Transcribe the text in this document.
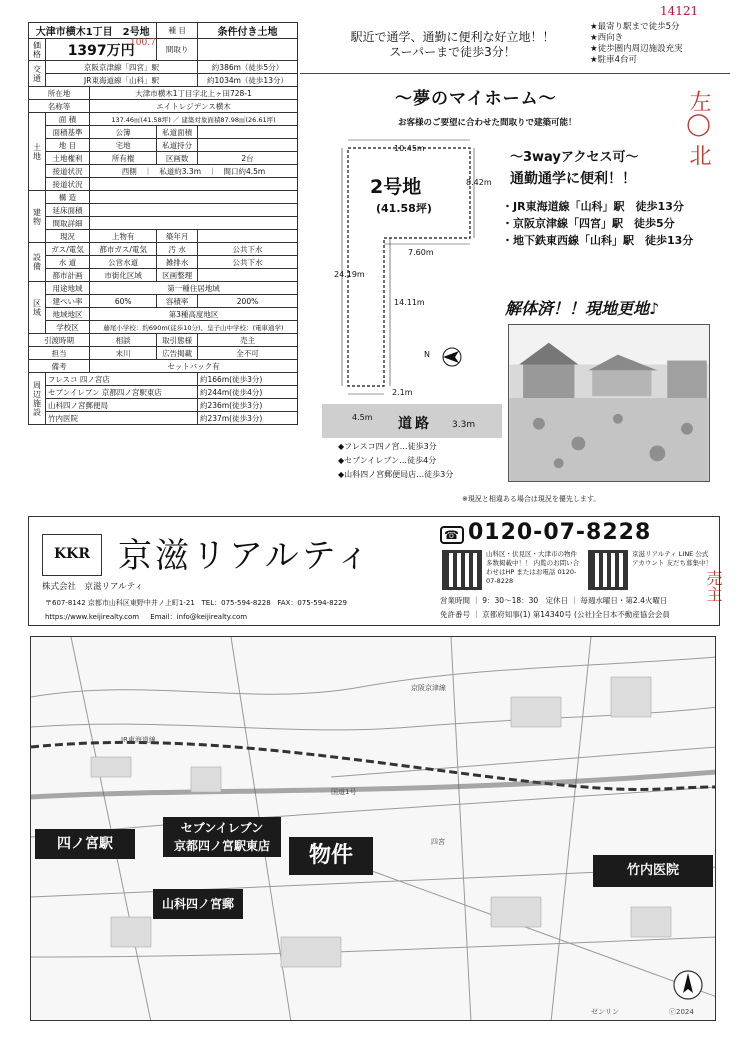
大津市横木1丁目　2号地			種 目	条件付き土地
価格	1397万円		間取り	
交通	京阪京津線「四宮」駅			約386m（徒歩5分）
	JR東海道線「山科」駅			約1034m（徒歩13分）
所在地		大津市横木1丁目字北上ヶ田728-1		
名称等		エイトレジデンス横木		
土地	面 積	137.46㎡(41.58坪) ／ 建築対象面積87.98㎡(26.61坪)		
	面積基準	公簿	私道面積	
	地 目	宅地	私道持分	
	土地権利	所有権	区画数	2台
	接道状況	西側　｜　私道約3.3m　｜　間口約4.5m		
	接道状況			
建物	構 造			
	延床面積			
	間取詳細			
	現況	上物有	築年月	
設備	ガス/電気	都市ガス/電気	汚 水	公共下水
	水 道	公営水道	雑排水	公共下水
	都市計画	市街化区域	区画整理	
区域	用途地域	第一種住居地域		
	建ぺい率	60%	容積率	200%
	地域地区	第3種高度地区		
	学校区	藤尾小学校：約690m(徒歩10分)、皇子山中学校：(電車通学)		
引渡時期		相談	取引態様	売主
担当		末川	広告掲載	全不可
備考		セットバック有		
周辺施設	フレスコ 四ノ宮店			約166m(徒歩3分)
	セブンイレブン 京都四ノ宮駅東店			約244m(徒歩4分)
	山科四ノ宮郵便局			約236m(徒歩3分)
	竹内医院			約237m(徒歩3分)
100.7
左◯ 北
売主
14121
駅近で通学、通勤に便利な好立地！！
スーパーまで徒歩3分！
★最寄り駅まで徒歩5分
★西向き
★徒歩圏内周辺施設充実
★駐車4台可
～夢のマイホーム～
お客様のご要望に合わせた間取りで建築可能！
～3wayアクセス可～
通勤通学に便利！！
・JR東海道線「山科」駅　徒歩13分
・京阪京津線「四宮」駅　徒歩5分
・地下鉄東西線「山科」駅　徒歩13分
解体済！！現地更地♪
10.45m
8.42m
7.60m
24.19m
14.11m
2.1m
4.5m
2号地
(41.58坪)
道路 3.3m
N
◆フレスコ四ノ宮…徒歩3分
◆セブンイレブン…徒歩4分
◆山科四ノ宮郵便局店…徒歩3分
※現況と相違ある場合は現況を優先します。
KKR 京滋リアルティ
株式会社　京滋リアルティ
〒607-8142 京都市山科区東野中井ノ上町1-21 TEL：075-594-8228 FAX：075-594-8229
https://www.keijirealty.com Email：info@keijirealty.com
☎ 0120-07-8228
山科区・伏見区・大津市の物件多数掲載中！！ 内覧のお問い合わせはHP またはお電話 0120-07-8228
京滋リアルティ LINE 公式アカウント 友だち募集中！
営業時間 ｜ 9：30～18：30　定休日 ｜ 毎週水曜日・第2.4火曜日
免許番号 ｜ 京都府知事(1) 第14340号 (公社)全日本不動産協会会員
四ノ宮駅
セブンイレブン
京都四ノ宮駅東店	物件
山科四ノ宮郵
竹内医院
京阪京津線
JR東海道線
国道1号
四宮
ゼンリン	ⓒ2024
